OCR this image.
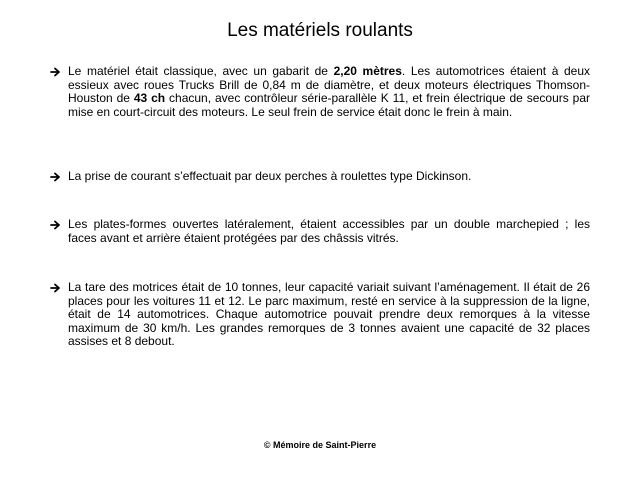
Les matériels roulants
Le matériel était classique, avec un gabarit de 2,20 mètres. Les automotrices étaient à deux essieux avec roues Trucks Brill de 0,84 m de diamètre, et deux moteurs électriques Thomson-Houston de 43 ch chacun, avec contrôleur série-parallèle K 11, et frein électrique de secours par mise en court-circuit des moteurs. Le seul frein de service était donc le frein à main.
La prise de courant s’effectuait par deux perches à roulettes type Dickinson.
Les plates-formes ouvertes latéralement, étaient accessibles par un double marchepied ; les faces avant et arrière étaient protégées par des châssis vitrés.
La tare des motrices était de 10 tonnes, leur capacité variait suivant l’aménagement. Il était de 26 places pour les voitures 11 et 12. Le parc maximum, resté en service à la suppression de la ligne, était de 14 automotrices. Chaque automotrice pouvait prendre deux remorques à la vitesse maximum de 30 km/h. Les grandes remorques de 3 tonnes avaient une capacité de 32 places assises et 8 debout.
© Mémoire de Saint-Pierre
